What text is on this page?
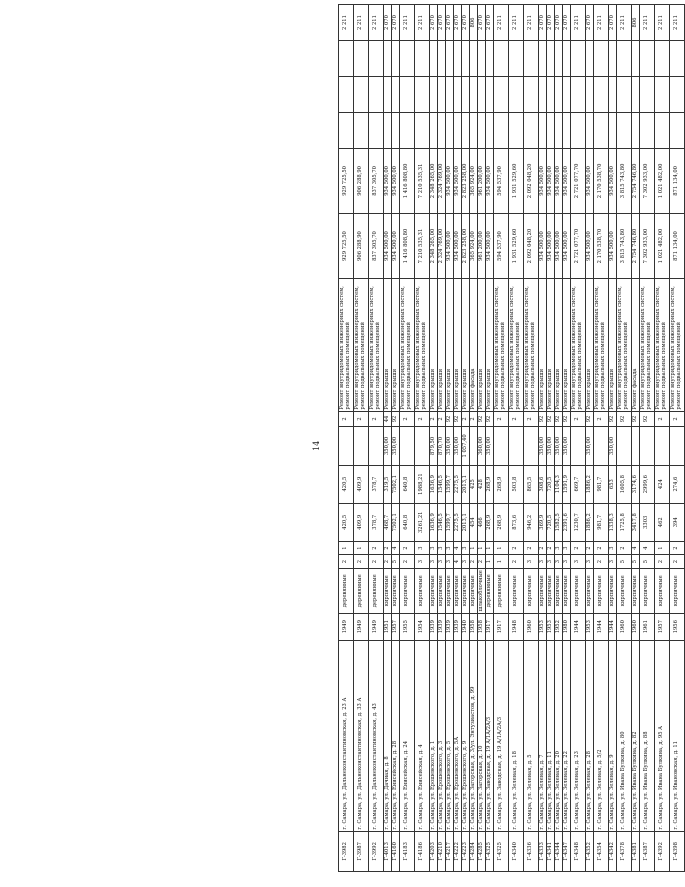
14
Г-3982	г. Самара, ул. Дальнеконстантиновская, д. 23 А	1949	деревянные	2	1	420,5	420,5		2	Ремонт внутридомовых инженерных систем, ремонт подвальных помещений	929 725,50	929 725,50				2 211
Г-3987	г. Самара, ул. Дальнеконстантиновская, д. 33 А	1949	деревянные	2	1	409,9	409,9		2	Ремонт внутридомовых инженерных систем, ремонт подвальных помещений	906 288,90	906 288,90				2 211
Г-3992	г. Самара, ул. Дальнеконстантиновская, д. 43	1949	деревянные	2	2	378,7	378,7		2	Ремонт внутридомовых инженерных систем, ремонт подвальных помещений	837 305,70	837 305,70				2 211
Г-4013	г. Самара, ул. Дачная, д. 8	1951	кирпичные	2	2	468,7	319,5	350,00	44	Ремонт крыши	934 500,00	934 500,00				2 070
Г-4160	г. Самара, ул. Енисейская, д. 28	1957	кирпичные	5	4	7502,1	7502,1	350,00	92	Ремонт крыши	934 500,00	934 500,00				2 070
Г-4183	г. Самара, ул. Енисейская, д. 24	1955	кирпичные	2	2	640,8	640,8		2	Ремонт внутридомовых инженерных систем, ремонт подвальных помещений	1 416 808,80	1 416 808,80				2 211
Г-4186	г. Самара, ул. Енисейская, д. 4	1954	кирпичные	3	3	3261,21	1988,21		2	Ремонт внутридомовых инженерных систем, ремонт подвальных помещений	7 210 535,31	7 210 535,31				2 211
Г-4203	г. Самара, ул. Ерошевского, д. 1	1939	кирпичные	3	3	1636,9	1636,9	879,50	2	Ремонт крыши	2 348 265,00	2 348 265,00				2 670
Г-4210	г. Самара, ул. Ерошевского, д. 3	1939	кирпичные	3	3	1546,5	1546,5	870,70	2	Ремонт крыши	2 324 769,00	2 324 769,00				2 670
Г-4217	г. Самара, ул. Ерошевского, д. 5	1939	кирпичные	3	3	1599,7	1599,7	350,00	92	Ремонт крыши	934 500,00	934 500,00				2 670
Г-4222	г. Самара, ул. Ерошевского, д. 5А	1939	кирпичные	4	4	2275,5	2275,5	350,00	92	Ремонт крыши	934 500,00	934 500,00				2 670
Г-4223	г. Самара, ул. Ерошевского, д. 9	1940	кирпичные	3	3	2013,1	2013,1	1 057,40	2	Ремонт крыши	2 823 258,00	2 823 258,00				2 670
Г-4284	г. Самара, ул. Загорская, д. 3/ул. Энтузиастов, д. 99	1958	кирпичные	2	1	454	425		2	Ремонт фасада	365 924,00	365 924,00				806
Г-4285	г. Самара, ул. Загорская, д. 10	1958	шлакоблочные	2	1	466	428	360,00	92	Ремонт крыши	961 200,00	961 200,00				2 670
Г-4325	г. Самара, ул. Заводская, д. 19 А/1А/2А/3	1917	деревянные	1	1	268,9	268,9	350,00	92	Ремонт крыши	934 500,00	934 500,00				2 670
Г-4325	г. Самара, ул. Заводская, д. 19 А/1А/2А/3	1917	деревянные	1	1	268,9	268,9		2	Ремонт внутридомовых инженерных систем, ремонт подвальных помещений	594 537,90	594 537,90				2 211
Г-4340	г. Самара, ул. Зеленая, д. 18	1948	кирпичные	2	2	873,6	503,8		2	Ремонт внутридомовых инженерных систем, ремонт подвальных помещений	1 931 529,60	1 931 529,60				2 211
Г-4336	г. Самара, ул. Зеленая, д. 5	1960	кирпичные	3	2	946,2	865,5		2	Ремонт внутридомовых инженерных систем, ремонт подвальных помещений	2 092 048,20	2 092 048,20				2 211
Г-4333	г. Самара, ул. Зеленая, д. 7	1953	кирпичные	3	2	369,9	308,6	350,00	92	Ремонт крыши	934 500,00	934 500,00				2 070
Г-4341	г. Самара, ул. Зеленая, д. 11	1953	кирпичные	3	2	720,5	720,5	350,00	92	Ремонт крыши	934 500,00	934 500,00				2 070
Г-4344	г. Самара, ул. Зеленая, д. 20	1952	кирпичные	3	3	1582,5	1104,3	350,00	92	Ремонт крыши	934 500,00	934 500,00				2 070
Г-4347	г. Самара, ул. Зеленая, д. 22	1980	кирпичные	3	3	2391,6	1591,9	350,00	92	Ремонт крыши	934 500,00	934 500,00				2 070
Г-4348	г. Самара, ул. Зеленая, д. 23	1944	кирпичные	3	2	1230,7	669,7		2	Ремонт внутридомовых инженерных систем, ремонт подвальных помещений	2 721 077,70	2 721 077,70				2 211
Г-4352	г. Самара, ул. Зеленая, д. 28	1953	кирпичные	3	2	1886,2	1886,2	350,00	92	Ремонт крыши	934 500,00	934 500,00				2 670
Г-4354	г. Самара, ул. Зеленая, д. 5/2	1944	кирпичные	2	2	981,7	981,7		2	Ремонт внутридомовых инженерных систем, ремонт подвальных помещений	2 170 538,70	2 170 538,70				2 211
Г-4342	г. Самара, ул. Зеленая, д. 9	1944	кирпичные	3	3	1338,3	653	350,00	92	Ремонт крыши	934 500,00	934 500,00				2 070
Г-4378	г. Самара, ул. Ивана Булкина, д. 80	1960	кирпичные	5	2	1725,8	1605,8		92	Ремонт внутридомовых инженерных систем, ремонт подвальных помещений	3 815 743,80	3 815 743,80				2 211
Г-4381	г. Самара, ул. Ивана Булкина, д. 82	1960	кирпичные	5	4	3417,8	3174,6		92	Ремонт фасада	2 754 746,80	2 754 746,80				806
Г-4387	г. Самара, ул. Ивана Булкина, д. 88	1961	кирпичные	5	4	3303	2999,6		92	Ремонт внутридомовых инженерных систем, ремонт подвальных помещений	7 302 933,00	7 302 933,00				2 211
Г-4392	г. Самара, ул. Ивана Булкина, д. 95 А	1957	кирпичные	2	1	462	424		2	Ремонт внутридомовых инженерных систем, ремонт подвальных помещений	1 021 482,00	1 021 482,00				2 211
Г-4398	г. Самара, ул. Ивановская, д. 11	1956	кирпичные	2	2	394	274,6		2	Ремонт внутридомовых инженерных систем, ремонт подвальных помещений	871 134,00	871 134,00				2 211
